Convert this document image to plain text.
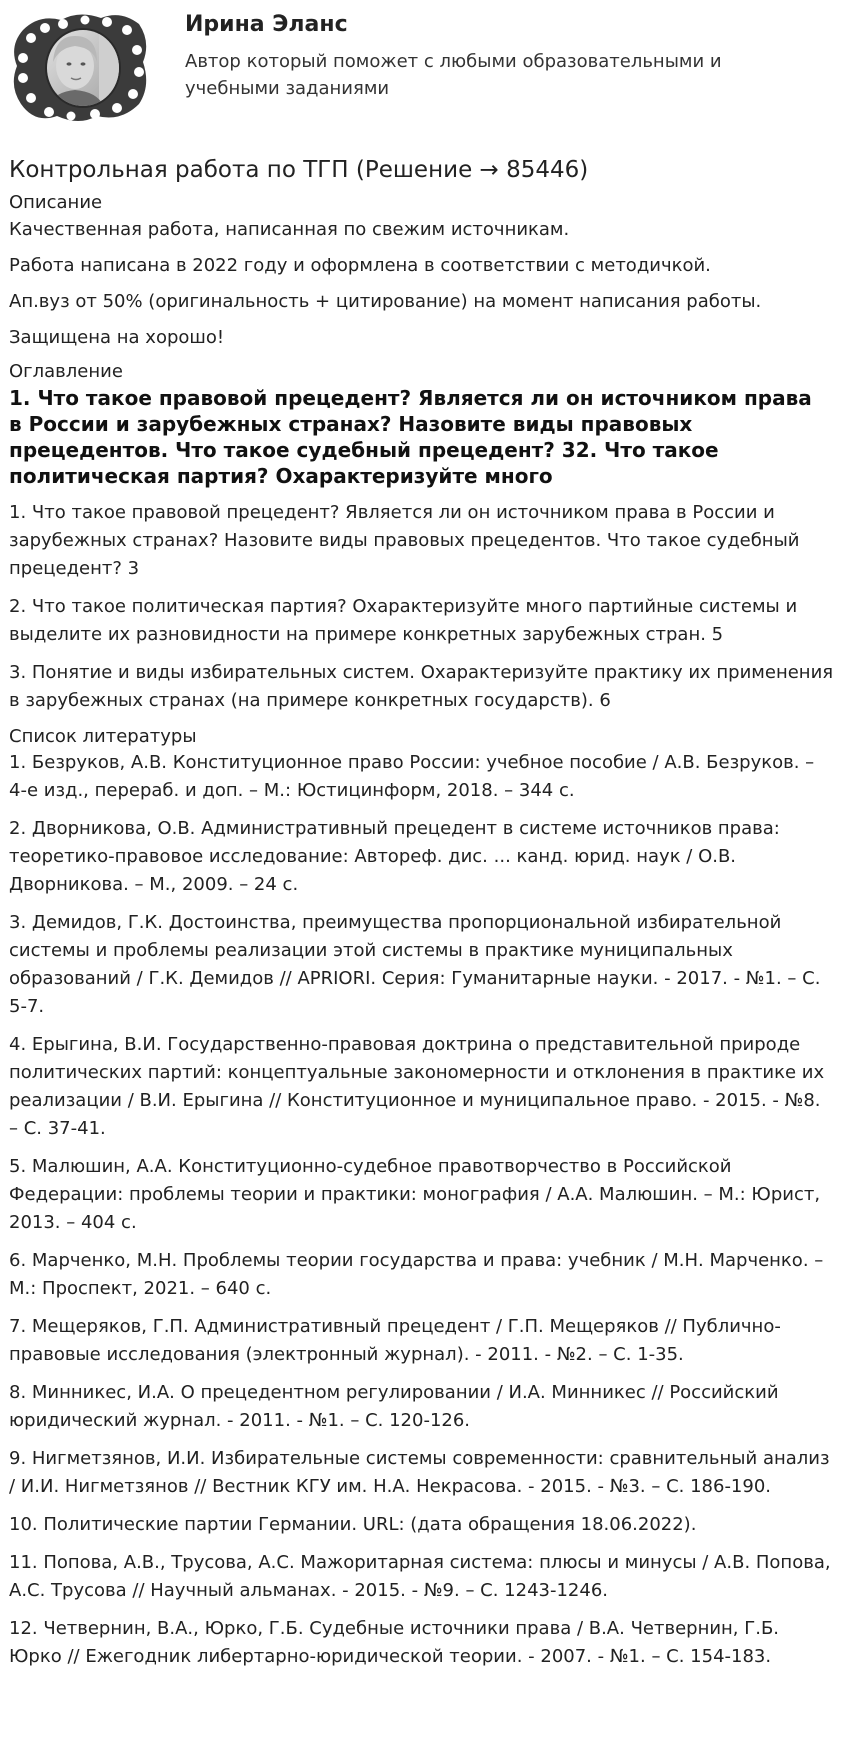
Ирина Эланс
Автор который поможет с любыми образовательными и учебными заданиями
Контрольная работа по ТГП (Решение → 85446)
Описание

Качественная работа, написанная по свежим источникам.

Работа написана в 2022 году и оформлена в соответствии с методичкой.

Ап.вуз от 50% (оригинальность + цитирование) на момент написания работы.

Защищена на хорошо!

Оглавление
1. Что такое правовой прецедент? Является ли он источником права в России и зарубежных странах? Назовите виды правовых прецедентов. Что такое судебный прецедент? 32. Что такое политическая партия? Охарактеризуйте много
1. Что такое правовой прецедент? Является ли он источником права в России и зарубежных странах? Назовите виды правовых прецедентов. Что такое судебный прецедент? 3
2. Что такое политическая партия? Охарактеризуйте много партийные системы и выделите их разновидности на примере конкретных зарубежных стран. 5
3. Понятие и виды избирательных систем. Охарактеризуйте практику их применения в зарубежных странах (на примере конкретных государств). 6
Список литературы
1. Безруков, А.В. Конституционное право России: учебное пособие / А.В. Безруков. – 4-е изд., перераб. и доп. – М.: Юстицинформ, 2018. – 344 с.
2. Дворникова, О.В. Административный прецедент в системе источников права: теоретико-правовое исследование: Автореф. дис. ... канд. юрид. наук / О.В. Дворникова. – М., 2009. – 24 с.
3. Демидов, Г.К. Достоинства, преимущества пропорциональной избирательной системы и проблемы реализации этой системы в практике муниципальных образований / Г.К. Демидов // APRIORI. Серия: Гуманитарные науки. - 2017. - №1. – С. 5-7.
4. Ерыгина, В.И. Государственно-правовая доктрина о представительной природе политических партий: концептуальные закономерности и отклонения в практике их реализации / В.И. Ерыгина // Конституционное и муниципальное право. - 2015. - №8. – С. 37-41.
5. Малюшин, А.А. Конституционно-судебное правотворчество в Российской Федерации: проблемы теории и практики: монография / А.А. Малюшин. – М.: Юрист, 2013. – 404 с.
6. Марченко, М.Н. Проблемы теории государства и права: учебник / М.Н. Марченко. – М.: Проспект, 2021. – 640 с.
7. Мещеряков, Г.П. Административный прецедент / Г.П. Мещеряков // Публично-правовые исследования (электронный журнал). - 2011. - №2. – С. 1-35.
8. Минникес, И.А. О прецедентном регулировании / И.А. Минникес // Российский юридический журнал. - 2011. - №1. – С. 120-126.
9. Нигметзянов, И.И. Избирательные системы современности: сравнительный анализ / И.И. Нигметзянов // Вестник КГУ им. Н.А. Некрасова. - 2015. - №3. – С. 186-190.
10. Политические партии Германии. URL: (дата обращения 18.06.2022).
11. Попова, А.В., Трусова, А.С. Мажоритарная система: плюсы и минусы / А.В. Попова, А.С. Трусова // Научный альманах. - 2015. - №9. – С. 1243-1246.
12. Четвернин, В.А., Юрко, Г.Б. Судебные источники права / В.А. Четвернин, Г.Б. Юрко // Ежегодник либертарно-юридической теории. - 2007. - №1. – С. 154-183.
